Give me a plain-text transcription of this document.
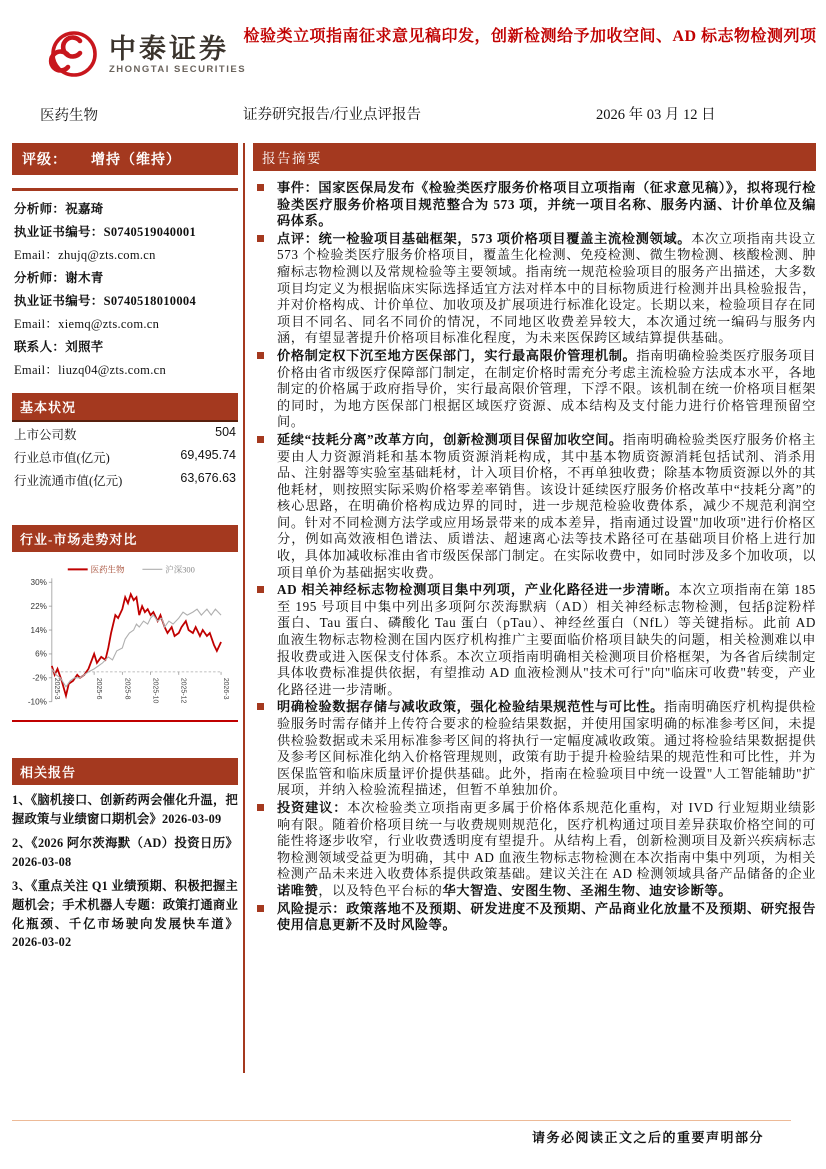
中泰证券
ZHONGTAI SECURITIES
检验类立项指南征求意见稿印发，创新检测给予加收空间、AD 标志物检测列项
医药生物	证券研究报告/行业点评报告	2026 年 03 月 12 日
评级： 增持（维持）
分析师：祝嘉琦
执业证书编号：S0740519040001
Email：zhujq@zts.com.cn
分析师：谢木青
执业证书编号：S0740518010004
Email：xiemq@zts.com.cn
联系人：刘照芊
Email：liuzq04@zts.com.cn
基本状况
上市公司数	504
行业总市值(亿元)	69,495.74
行业流通市值(亿元)	63,676.63
行业-市场走势对比
30%
22%
14%
6%
-2%
-10%
2025-3	2025-6	2025-8	2025-10	2025-12	2026-3
医药生物	沪深300
相关报告
1、《脑机接口、创新药两会催化升温，把握政策与业绩窗口期机会》2026-03-09
2、《2026 阿尔茨海默（AD）投资日历》2026-03-08
3、《重点关注 Q1 业绩预期、积极把握主题机会；手术机器人专题：政策打通商业化瓶颈、千亿市场驶向发展快车道》2026-03-02
报告摘要
事件：国家医保局发布《检验类医疗服务价格项目立项指南（征求意见稿）》，拟将现行检验类医疗服务价格项目规范整合为 573 项，并统一项目名称、服务内涵、计价单位及编码体系。
点评：统一检验项目基础框架，573 项价格项目覆盖主流检测领域。本次立项指南共设立 573 个检验类医疗服务价格项目，覆盖生化检测、免疫检测、微生物检测、核酸检测、肿瘤标志物检测以及常规检验等主要领域。指南统一规范检验项目的服务产出描述，大多数项目均定义为根据临床实际选择适宜方法对样本中的目标物质进行检测并出具检验报告，并对价格构成、计价单位、加收项及扩展项进行标准化设定。长期以来，检验项目存在同项目不同名、同名不同价的情况，不同地区收费差异较大，本次通过统一编码与服务内涵，有望显著提升价格项目标准化程度，为未来医保跨区域结算提供基础。
价格制定权下沉至地方医保部门，实行最高限价管理机制。指南明确检验类医疗服务项目价格由省市级医疗保障部门制定，在制定价格时需充分考虑主流检验方法成本水平，各地制定的价格属于政府指导价，实行最高限价管理，下浮不限。该机制在统一价格项目框架的同时，为地方医保部门根据区域医疗资源、成本结构及支付能力进行价格管理预留空间。
延续“技耗分离”改革方向，创新检测项目保留加收空间。指南明确检验类医疗服务价格主要由人力资源消耗和基本物质资源消耗构成，其中基本物质资源消耗包括试剂、消杀用品、注射器等实验室基础耗材，计入项目价格，不再单独收费；除基本物质资源以外的其他耗材，则按照实际采购价格零差率销售。该设计延续医疗服务价格改革中“技耗分离”的核心思路，在明确价格构成边界的同时，进一步规范检验收费体系，减少不规范利润空间。针对不同检测方法学或应用场景带来的成本差异，指南通过设置"加收项"进行价格区分，例如高效液相色谱法、质谱法、超速离心法等技术路径可在基础项目价格上进行加收，具体加减收标准由省市级医保部门制定。在实际收费中，如同时涉及多个加收项，以项目单价为基础据实收费。
AD 相关神经标志物检测项目集中列项，产业化路径进一步清晰。本次立项指南在第 185 至 195 号项目中集中列出多项阿尔茨海默病（AD）相关神经标志物检测，包括β淀粉样蛋白、Tau 蛋白、磷酸化 Tau 蛋白（pTau）、神经丝蛋白（NfL）等关键指标。此前 AD 血液生物标志物检测在国内医疗机构推广主要面临价格项目缺失的问题，相关检测难以申报收费或进入医保支付体系。本次立项指南明确相关检测项目价格框架，为各省后续制定具体收费标准提供依据，有望推动 AD 血液检测从"技术可行"向"临床可收费"转变，产业化路径进一步清晰。
明确检验数据存储与减收政策，强化检验结果规范性与可比性。指南明确医疗机构提供检验服务时需存储并上传符合要求的检验结果数据，并使用国家明确的标准参考区间，未提供检验数据或未采用标准参考区间的将执行一定幅度减收政策。通过将检验结果数据提供及参考区间标准化纳入价格管理规则，政策有助于提升检验结果的规范性和可比性，并为医保监管和临床质量评价提供基础。此外，指南在检验项目中统一设置"人工智能辅助"扩展项，并纳入检验流程描述，但暂不单独加价。
投资建议：本次检验类立项指南更多属于价格体系规范化重构，对 IVD 行业短期业绩影响有限。随着价格项目统一与收费规则规范化，医疗机构通过项目差异获取价格空间的可能性将逐步收窄，行业收费透明度有望提升。从结构上看，创新检测项目及新兴疾病标志物检测领域受益更为明确，其中 AD 血液生物标志物检测在本次指南中集中列项，为相关检测产品未来进入收费体系提供政策基础。建议关注在 AD 检测领域具备产品储备的企业诺唯赞，以及特色平台标的华大智造、安图生物、圣湘生物、迪安诊断等。
风险提示：政策落地不及预期、研发进度不及预期、产品商业化放量不及预期、研究报告使用信息更新不及时风险等。
请务必阅读正文之后的重要声明部分
